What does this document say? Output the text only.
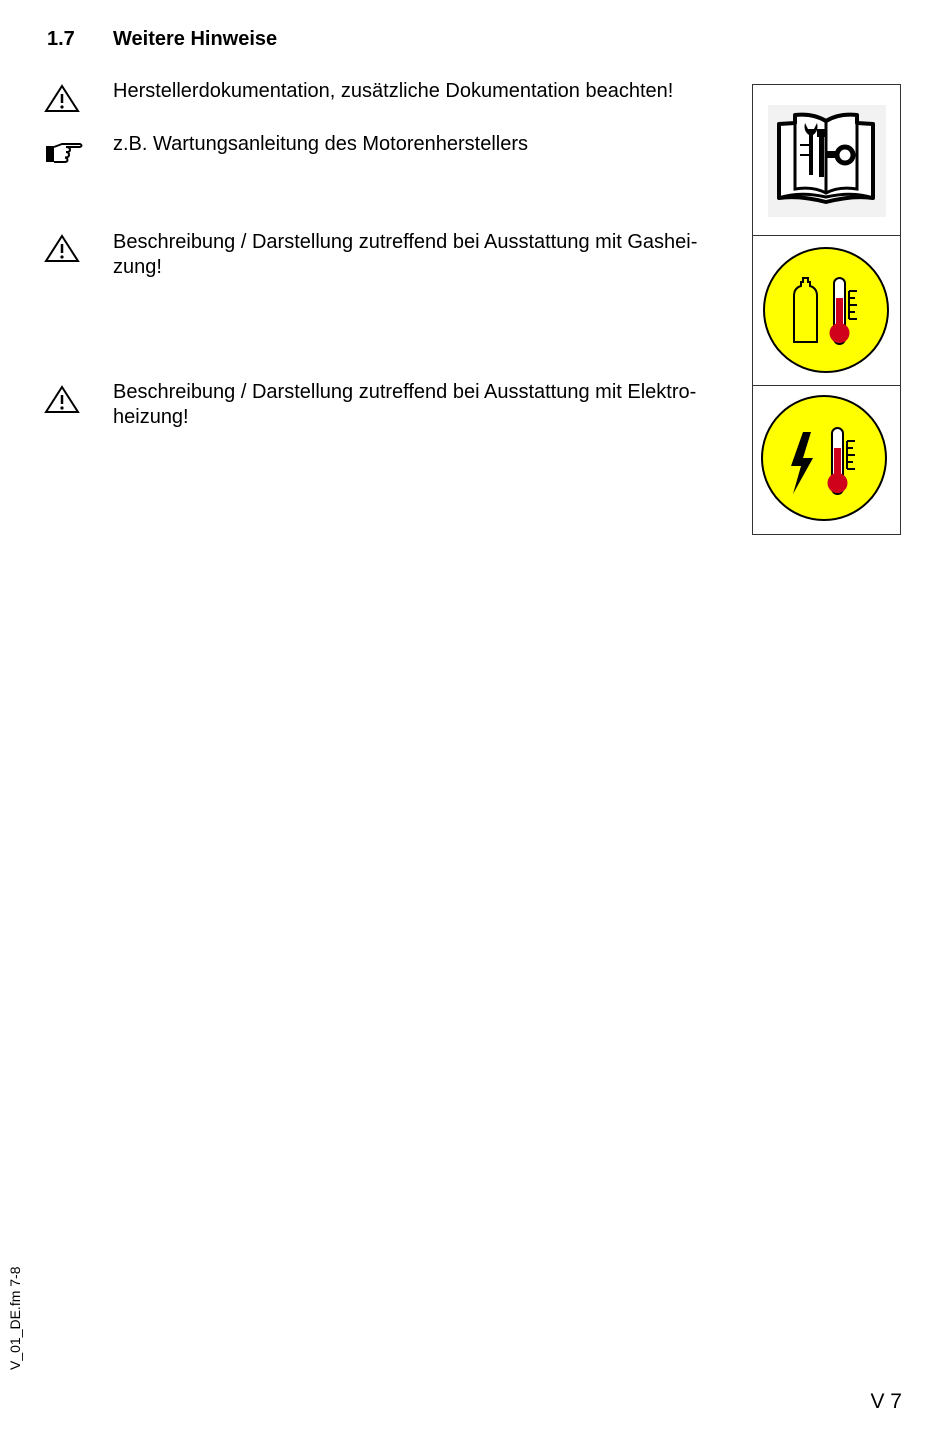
1.7 Weitere Hinweise
Herstellerdokumentation, zusätzliche Dokumentation beachten!
z.B. Wartungsanleitung des Motorenherstellers
Beschreibung / Darstellung zutreffend bei Ausstattung mit Gashei-
zung!
Beschreibung / Darstellung zutreffend bei Ausstattung mit Elektro-
heizung!
V_01_DE.fm 7-8
V 7
